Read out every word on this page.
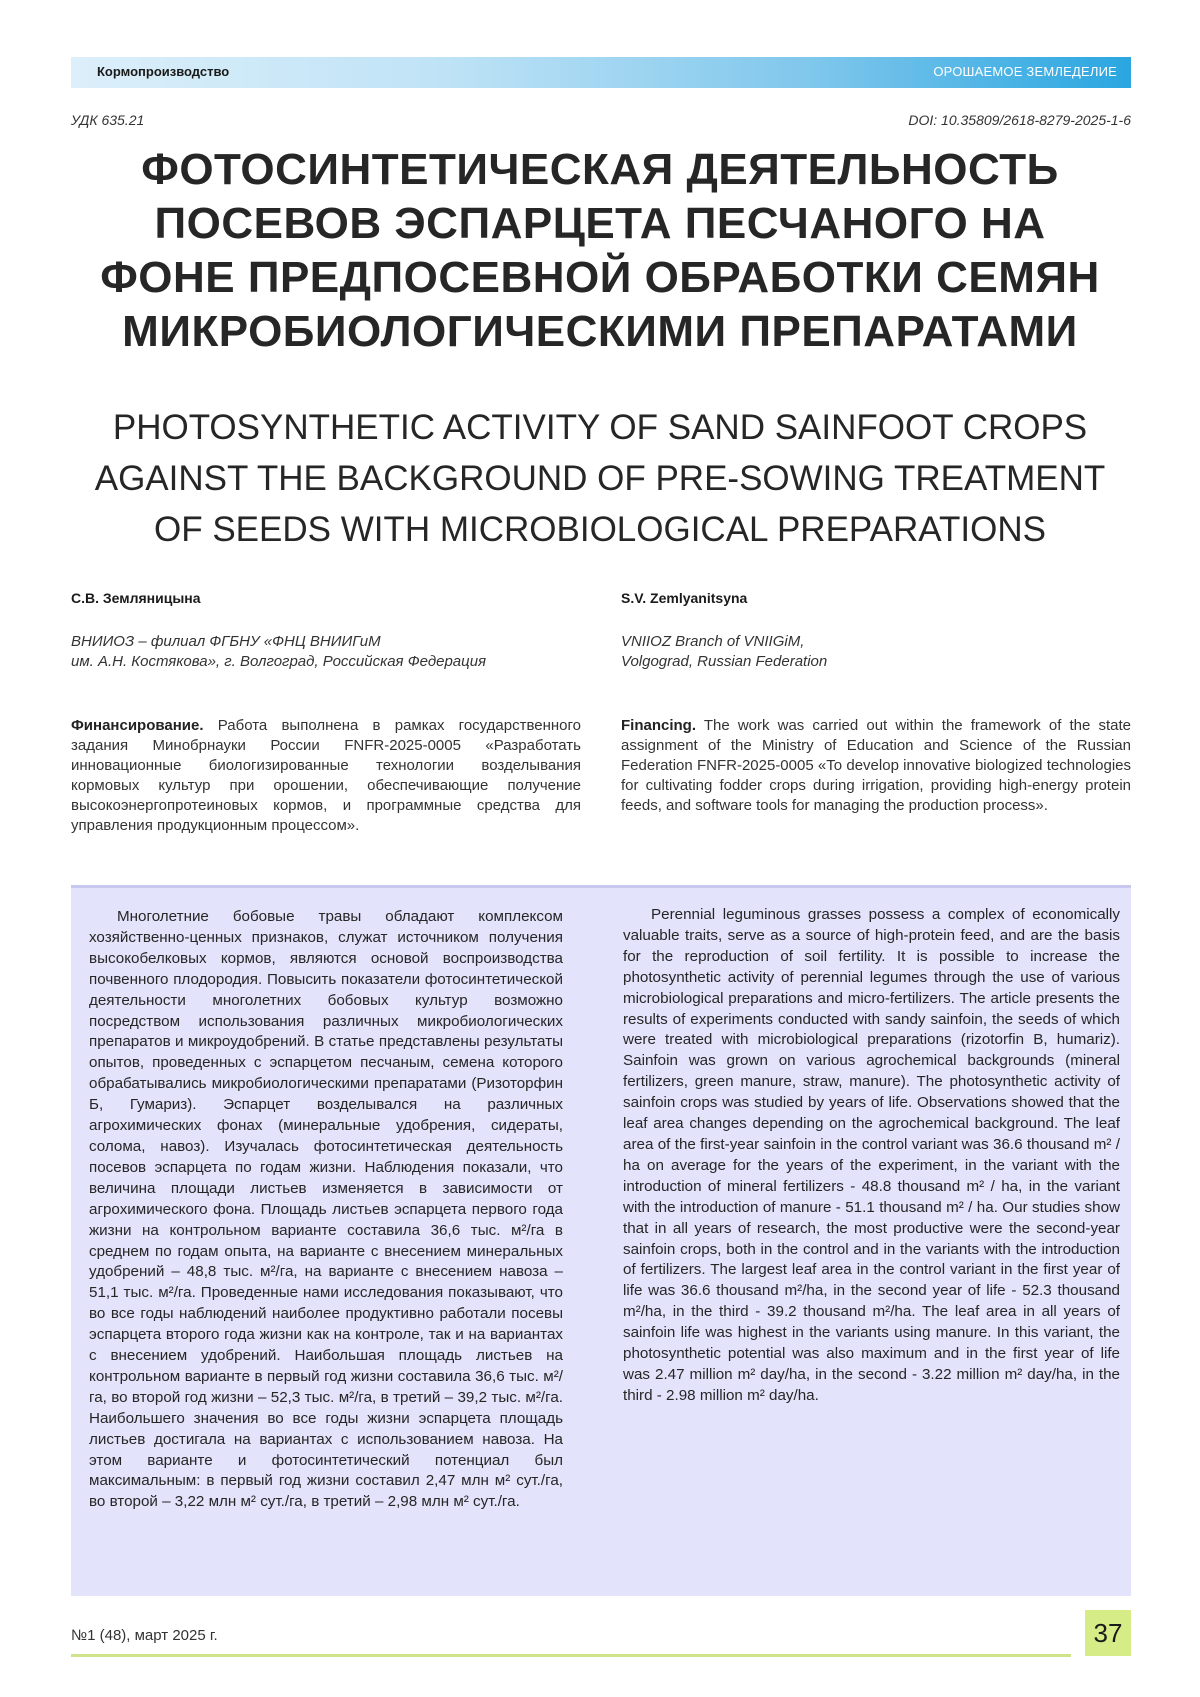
Кормопроизводство	ОРОШАЕМОЕ ЗЕМЛЕДЕЛИЕ
УДК 635.21	DOI: 10.35809/2618-8279-2025-1-6
ФОТОСИНТЕТИЧЕСКАЯ ДЕЯТЕЛЬНОСТЬ
ПОСЕВОВ ЭСПАРЦЕТА ПЕСЧАНОГО НА
ФОНЕ ПРЕДПОСЕВНОЙ ОБРАБОТКИ СЕМЯН
МИКРОБИОЛОГИЧЕСКИМИ ПРЕПАРАТАМИ
PHOTOSYNTHETIC ACTIVITY OF SAND SAINFOOT CROPS
AGAINST THE BACKGROUND OF PRE-SOWING TREATMENT
OF SEEDS WITH MICROBIOLOGICAL PREPARATIONS
С.В. Земляницына	S.V. Zemlyanitsyna
ВНИИОЗ – филиал ФГБНУ «ФНЦ ВНИИГиМ
им. А.Н. Костякова», г. Волгоград, Российская Федерация
VNIIOZ Branch of VNIIGiM,
Volgograd, Russian Federation
Финансирование. Работа выполнена в рамках государственного задания Минобрнауки России FNFR-2025-0005 «Разработать инновационные биологизированные технологии возделывания кормовых культур при орошении, обеспечивающие получение высокоэнергопротеиновых кормов, и программные средства для управления продукционным процессом».
Financing. The work was carried out within the framework of the state assignment of the Ministry of Education and Science of the Russian Federation FNFR-2025-0005 «To develop innovative biologized technologies for cultivating fodder crops during irrigation, providing high-energy protein feeds, and software tools for managing the production process».
Многолетние бобовые травы обладают комплексом хозяйственно-ценных признаков, служат источником получения высокобелковых кормов, являются основой воспроизводства почвенного плодородия. Повысить показатели фотосинтетической деятельности многолетних бобовых культур возможно посредством использования различных микробиологических препаратов и микроудобрений. В статье представлены результаты опытов, проведенных с эспарцетом песчаным, семена которого обрабатывались микробиологическими препаратами (Ризоторфин Б, Гумариз). Эспарцет возделывался на различных агрохимических фонах (минеральные удобрения, сидераты, солома, навоз). Изучалась фотосинтетическая деятельность посевов эспарцета по годам жизни. Наблюдения показали, что величина площади листьев изменяется в зависимости от агрохимического фона. Площадь листьев эспарцета первого года жизни на контрольном варианте составила 36,6 тыс. м²/га в среднем по годам опыта, на варианте с внесением минеральных удобрений – 48,8 тыс. м²/га, на варианте с внесением навоза – 51,1 тыс. м²/га. Проведенные нами исследования показывают, что во все годы наблюдений наиболее продуктивно работали посевы эспарцета второго года жизни как на контроле, так и на вариантах с внесением удобрений. Наибольшая площадь листьев на контрольном варианте в первый год жизни составила 36,6 тыс. м²/га, во второй год жизни – 52,3 тыс. м²/га, в третий – 39,2 тыс. м²/га. Наибольшего значения во все годы жизни эспарцета площадь листьев достигала на вариантах с использованием навоза. На этом варианте и фотосинтетический потенциал был максимальным: в первый год жизни составил 2,47 млн м² сут./га, во второй – 3,22 млн м² сут./га, в третий – 2,98 млн м² сут./га.
Perennial leguminous grasses possess a complex of economically valuable traits, serve as a source of high-protein feed, and are the basis for the reproduction of soil fertility. It is possible to increase the photosynthetic activity of perennial legumes through the use of various microbiological preparations and micro-fertilizers. The article presents the results of experiments conducted with sandy sainfoin, the seeds of which were treated with microbiological preparations (rizotorfin B, humariz). Sainfoin was grown on various agrochemical backgrounds (mineral fertilizers, green manure, straw, manure). The photosynthetic activity of sainfoin crops was studied by years of life. Observations showed that the leaf area changes depending on the agrochemical background. The leaf area of the first-year sainfoin in the control variant was 36.6 thousand m² / ha on average for the years of the experiment, in the variant with the introduction of mineral fertilizers - 48.8 thousand m² / ha, in the variant with the introduction of manure - 51.1 thousand m² / ha. Our studies show that in all years of research, the most productive were the second-year sainfoin crops, both in the control and in the variants with the introduction of fertilizers. The largest leaf area in the control variant in the first year of life was 36.6 thousand m²/ha, in the second year of life - 52.3 thousand m²/ha, in the third - 39.2 thousand m²/ha. The leaf area in all years of sainfoin life was highest in the variants using manure. In this variant, the photosynthetic potential was also maximum and in the first year of life was 2.47 million m² day/ha, in the second - 3.22 million m² day/ha, in the third - 2.98 million m² day/ha.
№1 (48), март 2025 г.	37
